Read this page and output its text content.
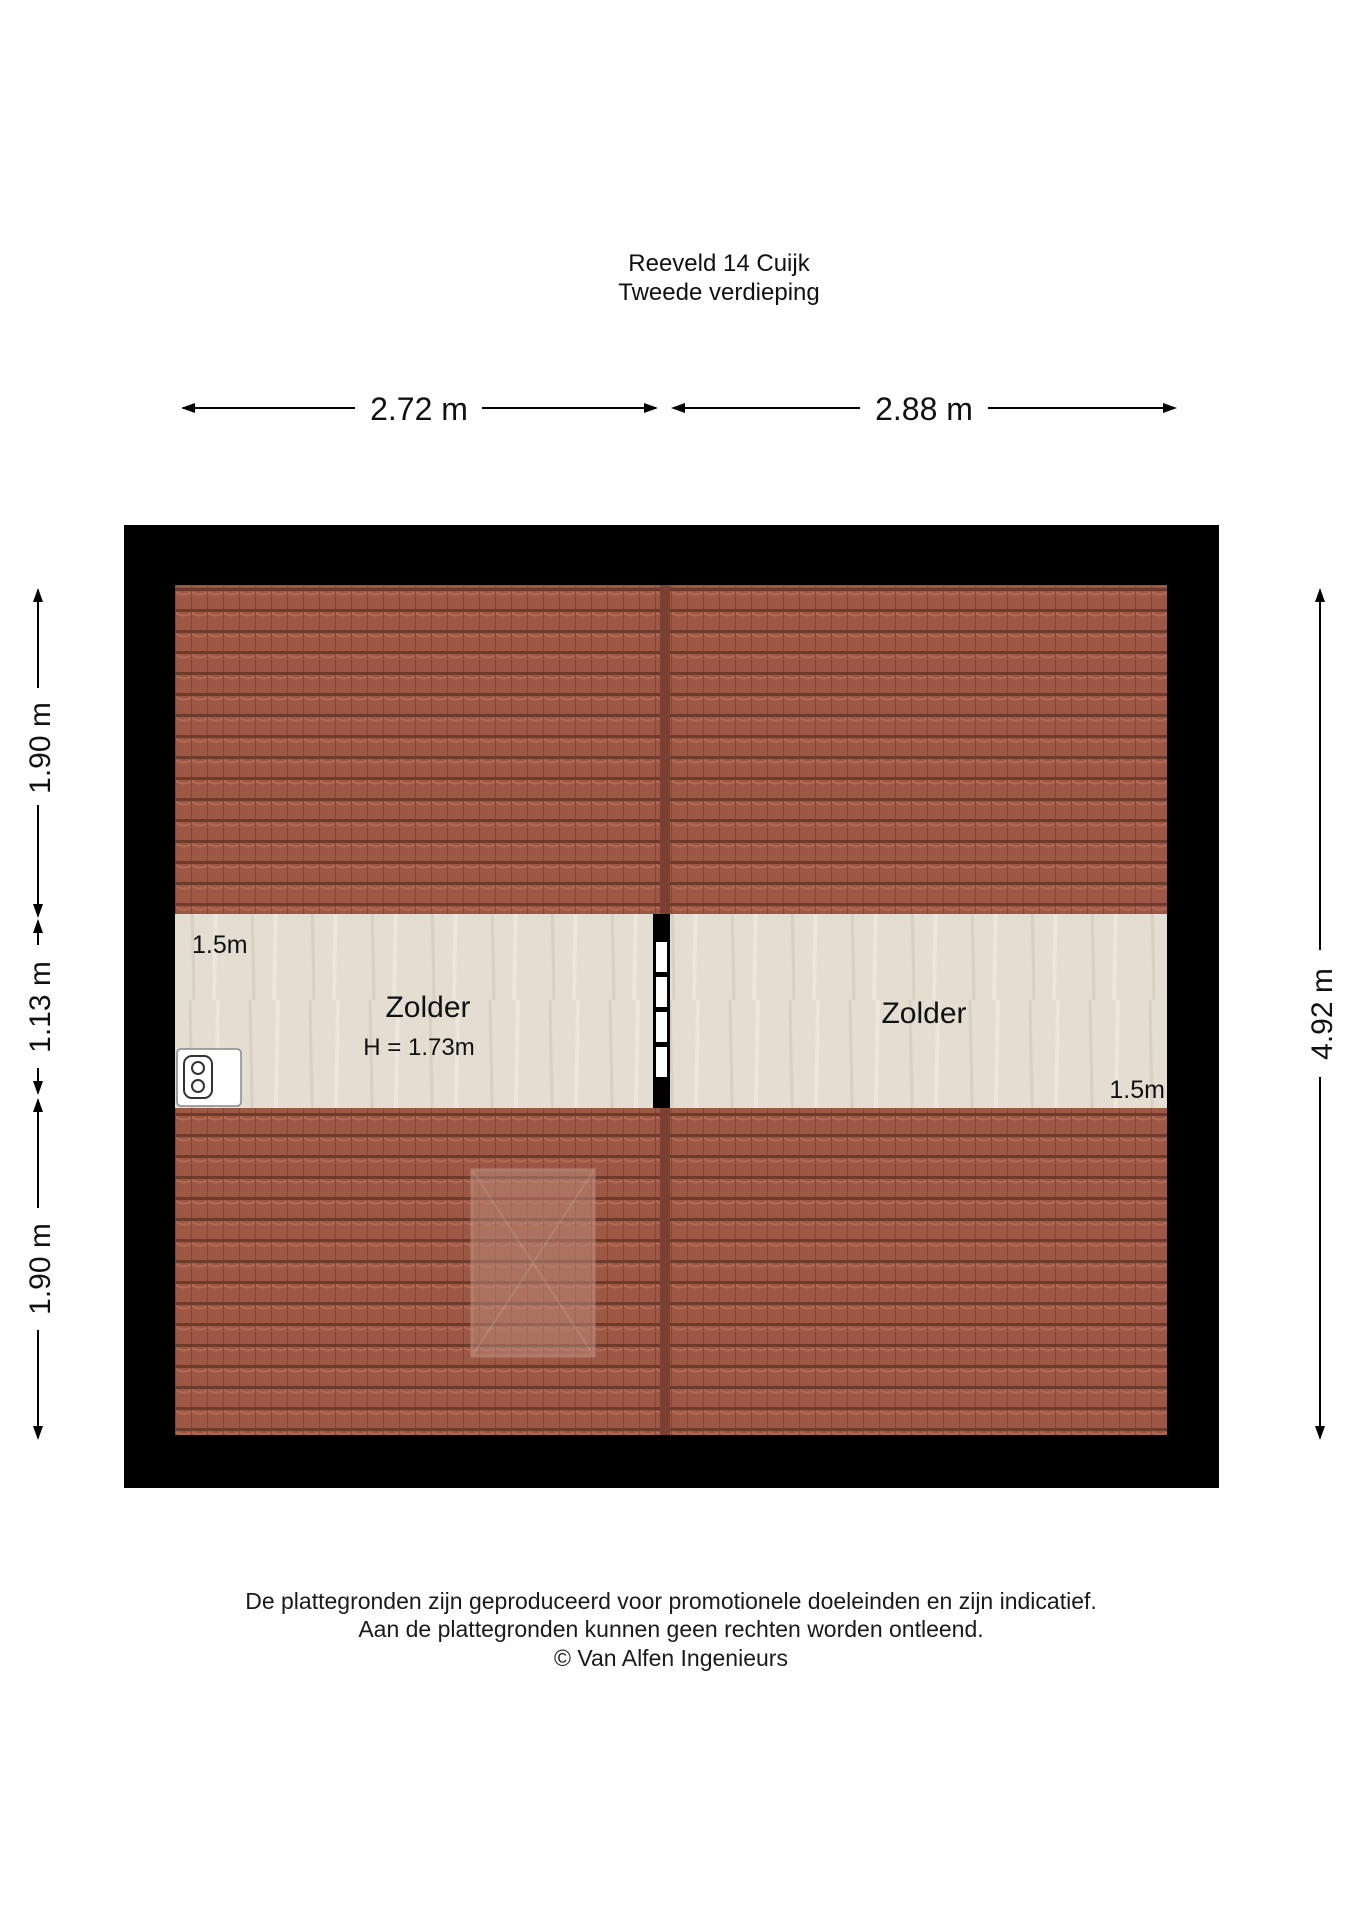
Reeveld 14 Cuijk
Tweede verdieping
2.72 m	2.88 m
1.90 m
1.13 m
1.90 m
4.92 m
1.5m
Zolder
H = 1.73m
Zolder
1.5m
De plattegronden zijn geproduceerd voor promotionele doeleinden en zijn indicatief.
Aan de plattegronden kunnen geen rechten worden ontleend.
© Van Alfen Ingenieurs
